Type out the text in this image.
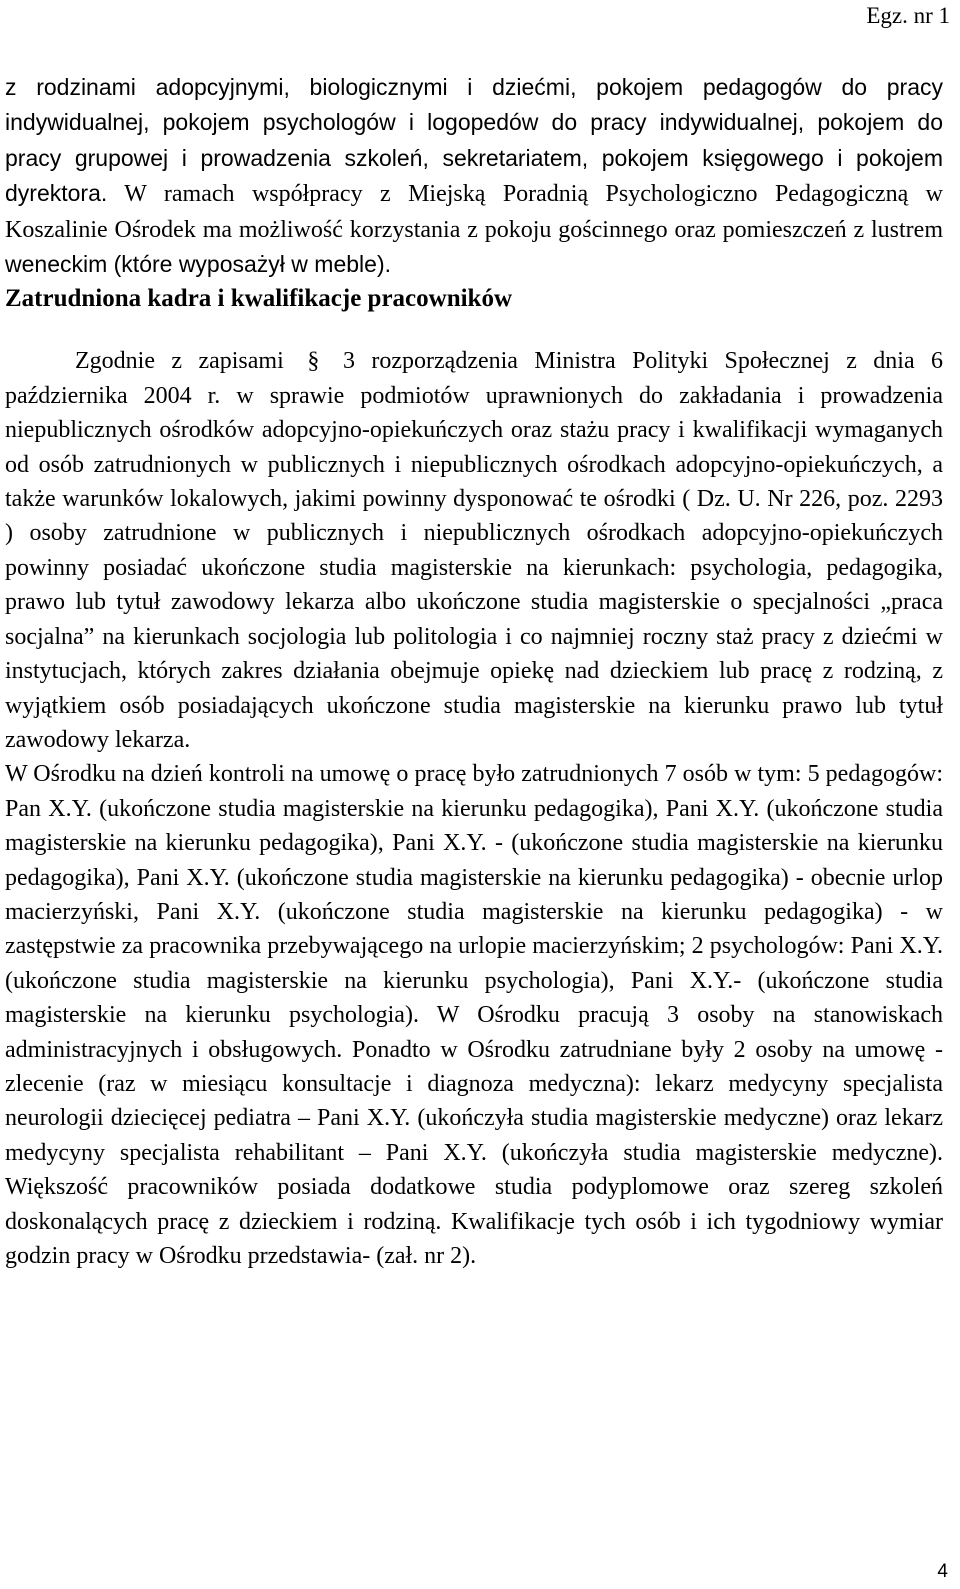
Egz. nr 1

z rodzinami adopcyjnymi, biologicznymi i dziećmi, pokojem pedagogów do pracy indywidualnej, pokojem psychologów i logopedów do pracy indywidualnej, pokojem do pracy grupowej i prowadzenia szkoleń, sekretariatem, pokojem księgowego i pokojem dyrektora. W ramach współpracy z Miejską Poradnią Psychologiczno Pedagogiczną w Koszalinie Ośrodek ma możliwość korzystania z pokoju gościnnego oraz pomieszczeń z lustrem weneckim (które wyposażył w meble).

Zatrudniona kadra i kwalifikacje pracowników

Zgodnie z zapisami § 3 rozporządzenia Ministra Polityki Społecznej z dnia 6 października 2004 r. w sprawie podmiotów uprawnionych do zakładania i prowadzenia niepublicznych ośrodków adopcyjno-opiekuńczych oraz stażu pracy i kwalifikacji wymaganych od osób zatrudnionych w publicznych i niepublicznych ośrodkach adopcyjno-opiekuńczych, a także warunków lokalowych, jakimi powinny dysponować te ośrodki ( Dz. U. Nr 226, poz. 2293 ) osoby zatrudnione w publicznych i niepublicznych ośrodkach adopcyjno-opiekuńczych powinny posiadać ukończone studia magisterskie na kierunkach: psychologia, pedagogika, prawo lub tytuł zawodowy lekarza albo ukończone studia magisterskie o specjalności „praca socjalna” na kierunkach socjologia lub politologia i co najmniej roczny staż pracy z dziećmi w instytucjach, których zakres działania obejmuje opiekę nad dzieckiem lub pracę z rodziną, z wyjątkiem osób posiadających ukończone studia magisterskie na kierunku prawo lub tytuł zawodowy lekarza.

W Ośrodku na dzień kontroli na umowę o pracę było zatrudnionych 7 osób w tym: 5 pedagogów: Pan X.Y. (ukończone studia magisterskie na kierunku pedagogika), Pani X.Y. (ukończone studia magisterskie na kierunku pedagogika), Pani X.Y. - (ukończone studia magisterskie na kierunku pedagogika), Pani X.Y. (ukończone studia magisterskie na kierunku pedagogika) - obecnie urlop macierzyński, Pani X.Y. (ukończone studia magisterskie na kierunku pedagogika) - w zastępstwie za pracownika przebywającego na urlopie macierzyńskim; 2 psychologów: Pani X.Y. (ukończone studia magisterskie na kierunku psychologia), Pani X.Y.- (ukończone studia magisterskie na kierunku psychologia). W Ośrodku pracują 3 osoby na stanowiskach administracyjnych i obsługowych. Ponadto w Ośrodku zatrudniane były 2 osoby na umowę - zlecenie (raz w miesiącu konsultacje i diagnoza medyczna): lekarz medycyny specjalista neurologii dziecięcej pediatra – Pani X.Y. (ukończyła studia magisterskie medyczne) oraz lekarz medycyny specjalista rehabilitant – Pani X.Y. (ukończyła studia magisterskie medyczne). Większość pracowników posiada dodatkowe studia podyplomowe oraz szereg szkoleń doskonalących pracę z dzieckiem i rodziną. Kwalifikacje tych osób i ich tygodniowy wymiar godzin pracy w Ośrodku przedstawia- (zał. nr 2).

4
